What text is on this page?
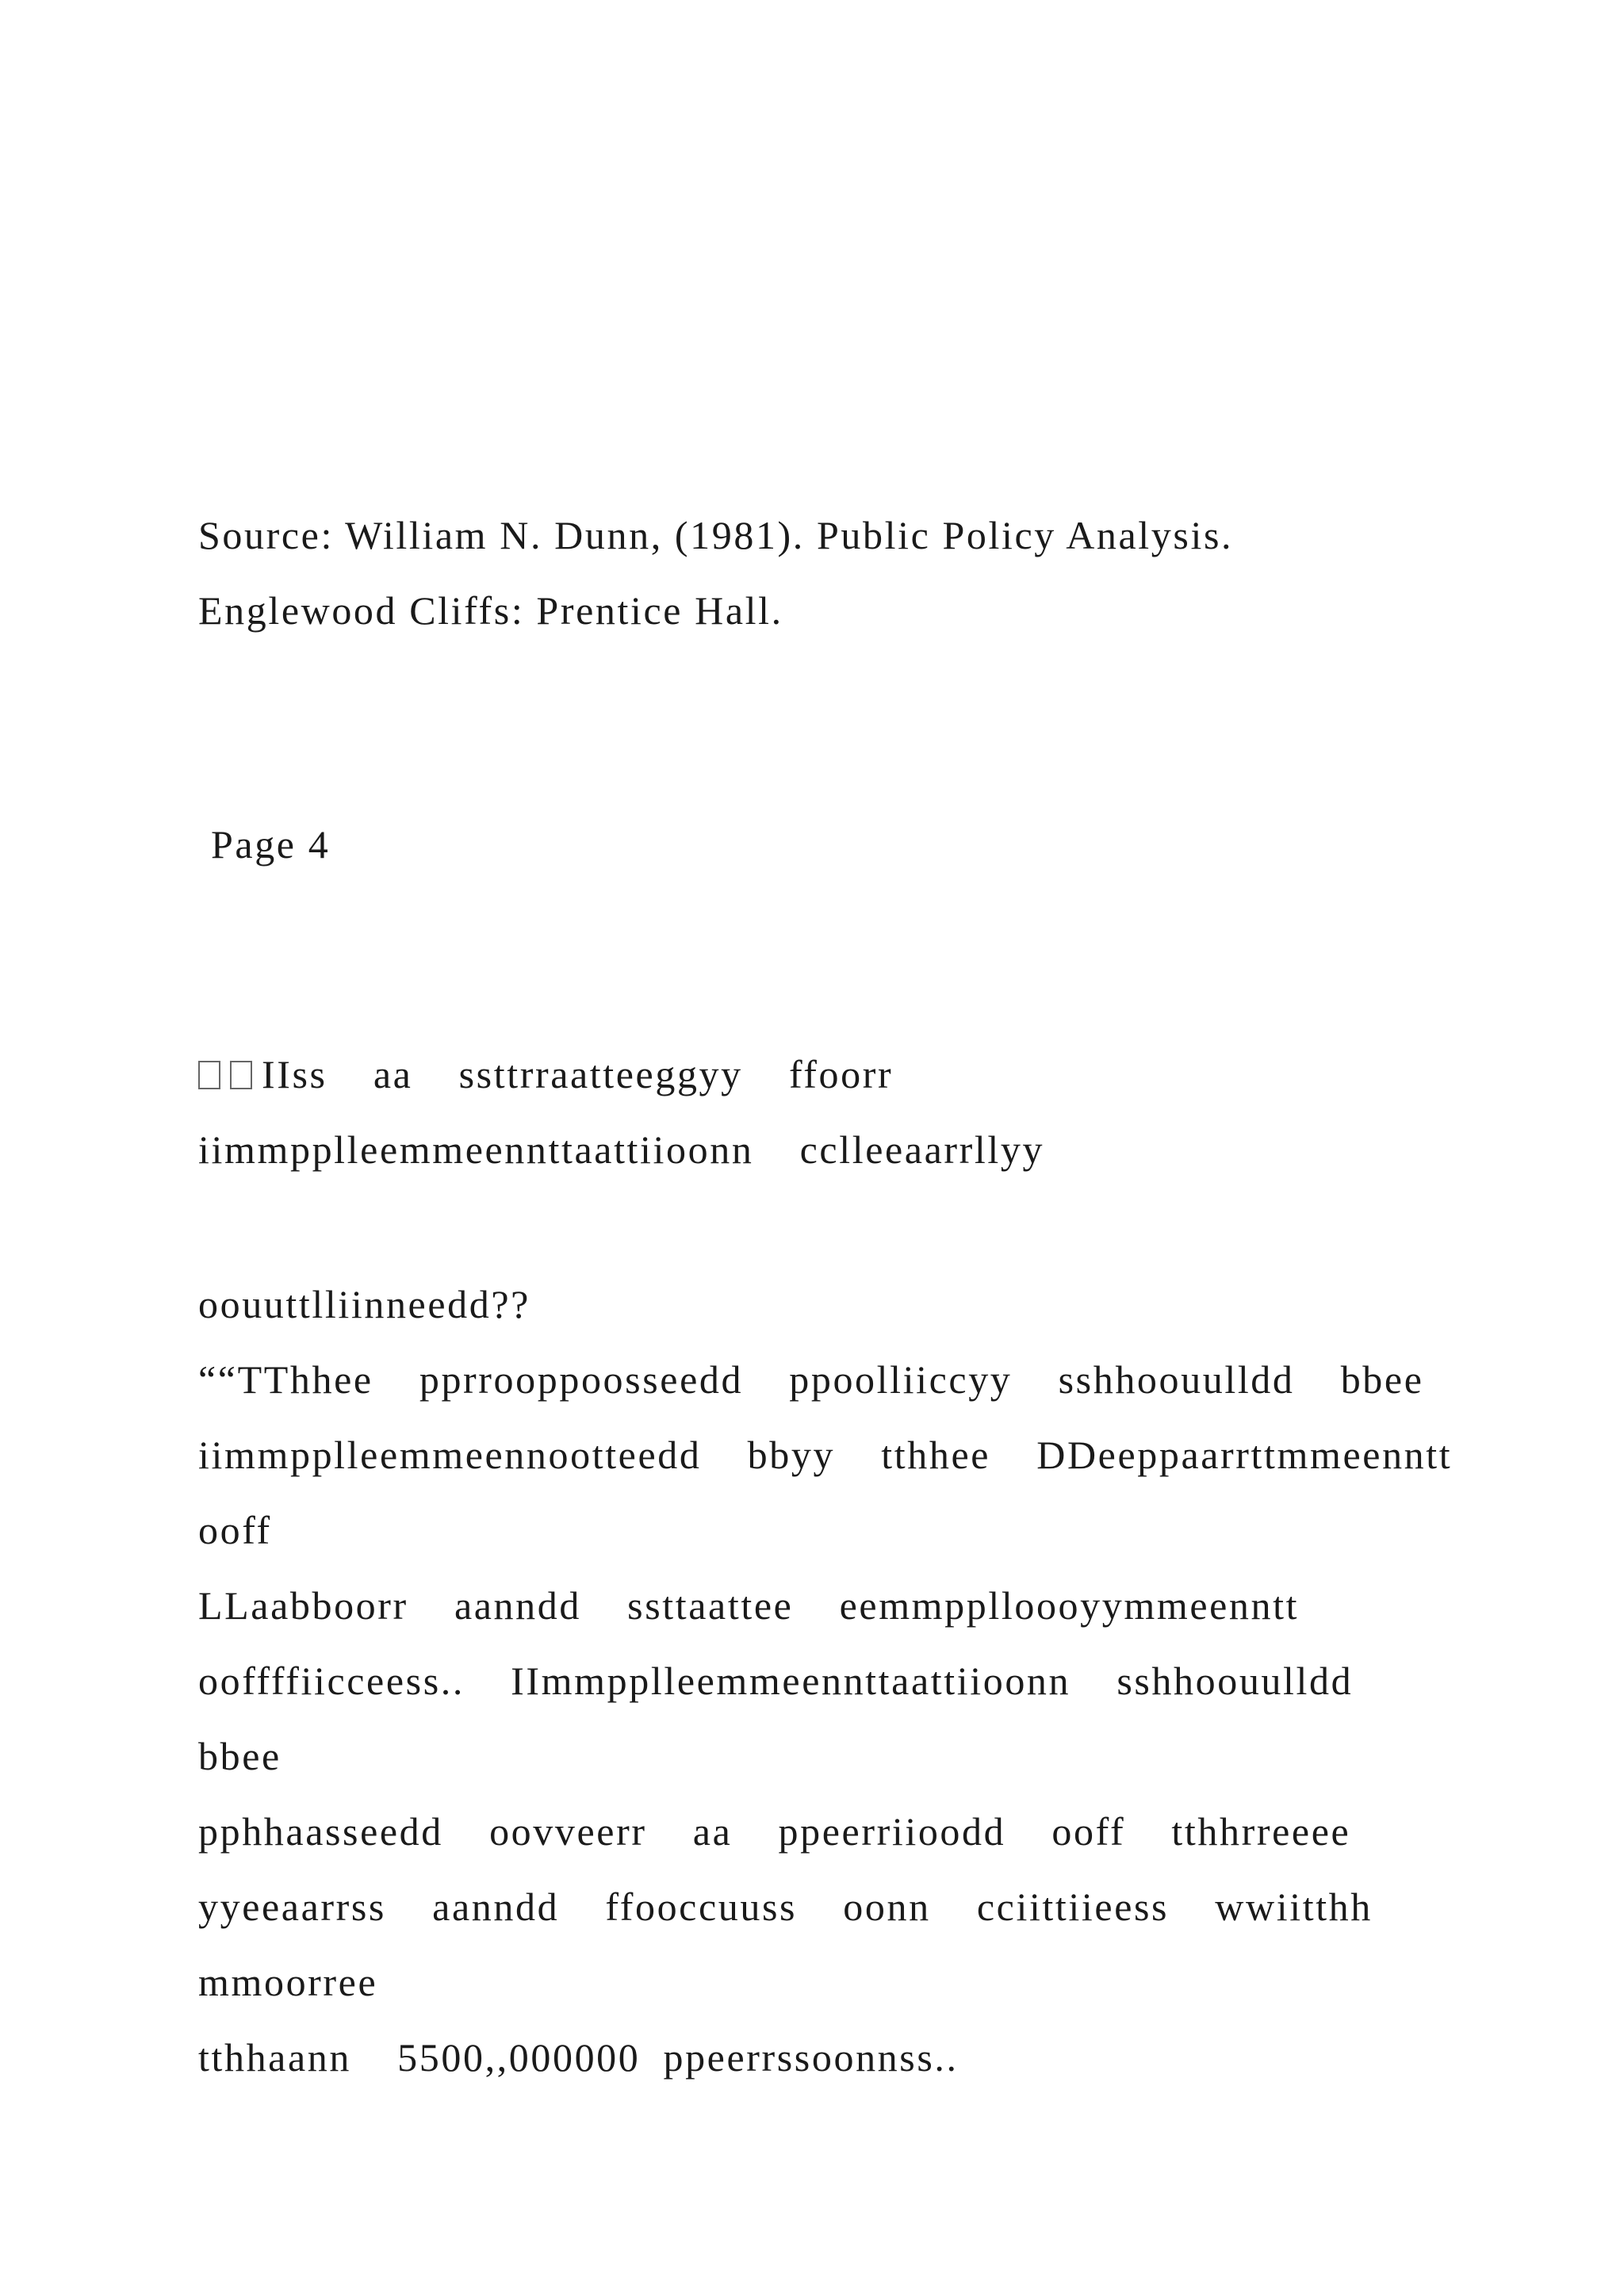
Source: William N. Dunn, (1981). Public Policy Analysis.
Englewood Cliffs: Prentice Hall.
Page 4
IIss  aa  ssttrraatteeggyy  ffoorr
iimmpplleemmeennttaattiioonn  cclleeaarrllyy
oouuttlliinneedd??
““TThhee  pprrooppoosseedd  ppoolliiccyy  sshhoouulldd  bbee
iimmpplleemmeennootteedd  bbyy  tthhee  DDeeppaarrttmmeenntt
ooff
LLaabboorr  aanndd  ssttaattee  eemmpplloooyymmeenntt
ooffffiicceess..  IImmpplleemmeennttaattiioonn  sshhoouulldd
bbee
pphhaasseedd  oovveerr  aa  ppeerriioodd  ooff  tthhrreeee
yyeeaarrss  aanndd  ffooccuuss  oonn  cciittiieess  wwiitthh
mmoorree
tthhaann  5500,,000000 ppeerrssoonnss..
